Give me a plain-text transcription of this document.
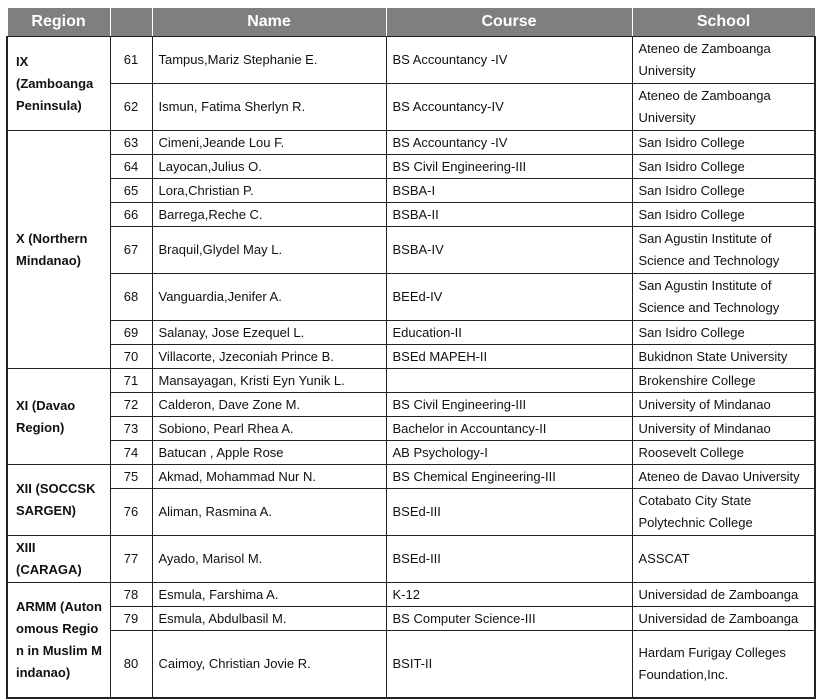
Region		Name	Course	School
IX (Zamboanga Peninsula)	61	Tampus,Mariz Stephanie E.	BS Accountancy -IV	Ateneo de Zamboanga University
	62	Ismun, Fatima Sherlyn R.	BS Accountancy-IV	Ateneo de Zamboanga University
X (Northern Mindanao)	63	Cimeni,Jeande Lou F.	BS Accountancy -IV	San Isidro College
	64	Layocan,Julius O.	BS Civil Engineering-III	San Isidro College
	65	Lora,Christian P.	BSBA-I	San Isidro College
	66	Barrega,Reche C.	BSBA-II	San Isidro College
	67	Braquil,Glydel May L.	BSBA-IV	San Agustin Institute of Science and Technology
	68	Vanguardia,Jenifer A.	BEEd-IV	San Agustin Institute of Science and Technology
	69	Salanay, Jose Ezequel L.	Education-II	San Isidro College
	70	Villacorte, Jzeconiah Prince B.	BSEd MAPEH-II	Bukidnon State University
XI (Davao Region)	71	Mansayagan, Kristi Eyn Yunik L.		Brokenshire College
	72	Calderon, Dave Zone M.	BS Civil Engineering-III	University of Mindanao
	73	Sobiono, Pearl Rhea A.	Bachelor in Accountancy-II	University of Mindanao
	74	Batucan , Apple Rose	AB Psychology-I	Roosevelt College
XII (SOCCSKSARGEN)	75	Akmad, Mohammad Nur N.	BS Chemical Engineering-III	Ateneo de Davao University
	76	Aliman, Rasmina A.	BSEd-III	Cotabato City State Polytechnic College
XIII (CARAGA)	77	Ayado, Marisol M.	BSEd-III	ASSCAT
ARMM (Autonomous Region in Muslim Mindanao)	78	Esmula, Farshima A.	K-12	Universidad de Zamboanga
	79	Esmula, Abdulbasil M.	BS Computer Science-III	Universidad de Zamboanga
	80	Caimoy, Christian Jovie R.	BSIT-II	Hardam Furigay Colleges Foundation,Inc.
